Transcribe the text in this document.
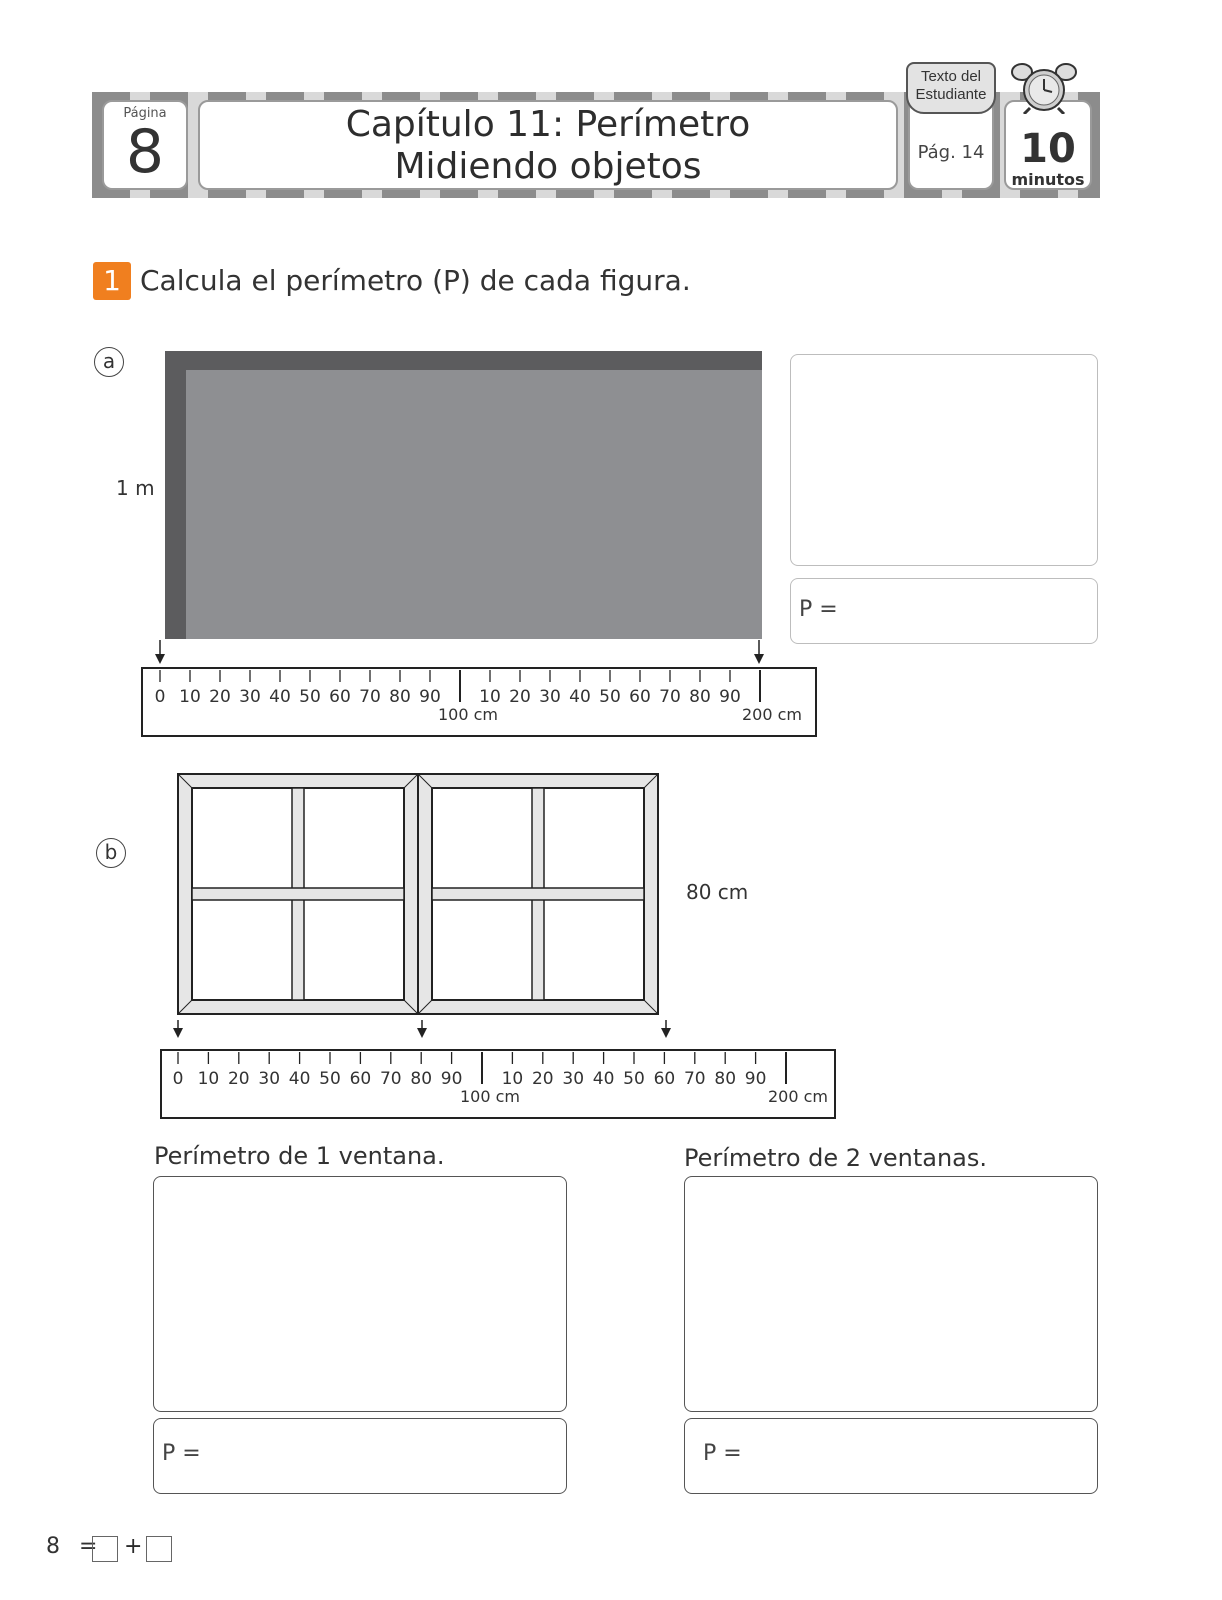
Página
8	Capítulo 11: Perímetro
Midiendo objetos	Pág. 14
Texto del
Estudiante
10
minutos
1 Calcula el perímetro (P) de cada figura.
a
1 m
0 10 20 30 40 50 60 70 80 90 10 20 30 40 50 60 70 80 90
100 cm	200 cm
P =
b
80 cm
0 10 20 30 40 50 60 70 80 90 10 20 30 40 50 60 70 80 90
100 cm	200 cm
Perímetro de 1 ventana.	Perímetro de 2 ventanas.
P =	P =
8 = +
